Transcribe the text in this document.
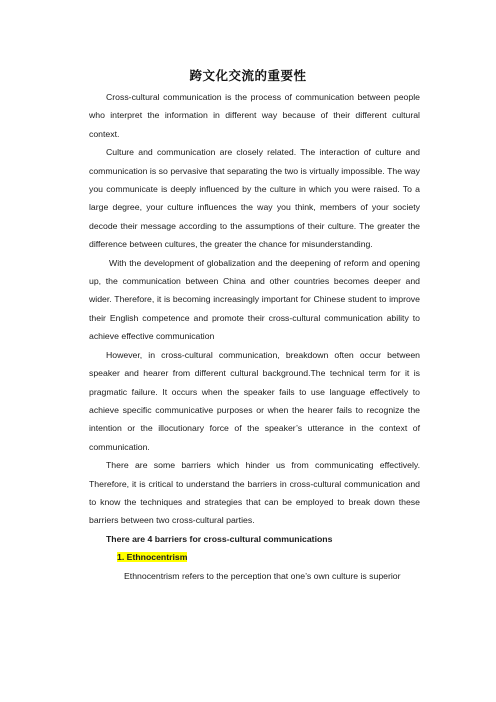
跨文化交流的重要性

Cross-cultural communication is the process of communication between people who interpret the information in different way because of their different cultural context.

Culture and communication are closely related. The interaction of culture and communication is so pervasive that separating the two is virtually impossible. The way you communicate is deeply influenced by the culture in which you were raised. To a large degree, your culture influences the way you think, members of your society decode their message according to the assumptions of their culture. The greater the difference between cultures, the greater the chance for misunderstanding.

With the development of globalization and the deepening of reform and opening up, the communication between China and other countries becomes deeper and wider. Therefore, it is becoming increasingly important for Chinese student to improve their English competence and promote their cross-cultural communication ability to achieve effective communication

However, in cross-cultural communication, breakdown often occur between speaker and hearer from different cultural background.The technical term for it is pragmatic failure. It occurs when the speaker fails to use language effectively to achieve specific communicative purposes or when the hearer fails to recognize the intention or the illocutionary force of the speaker’s utterance in the context of communication.

There are some barriers which hinder us from communicating effectively. Therefore, it is critical to understand the barriers in cross-cultural communication and to know the techniques and strategies that can be employed to break down these barriers between two cross-cultural parties.

There are 4 barriers for cross-cultural communications

1. Ethnocentrism

Ethnocentrism refers to the perception that one’s own culture is superior
